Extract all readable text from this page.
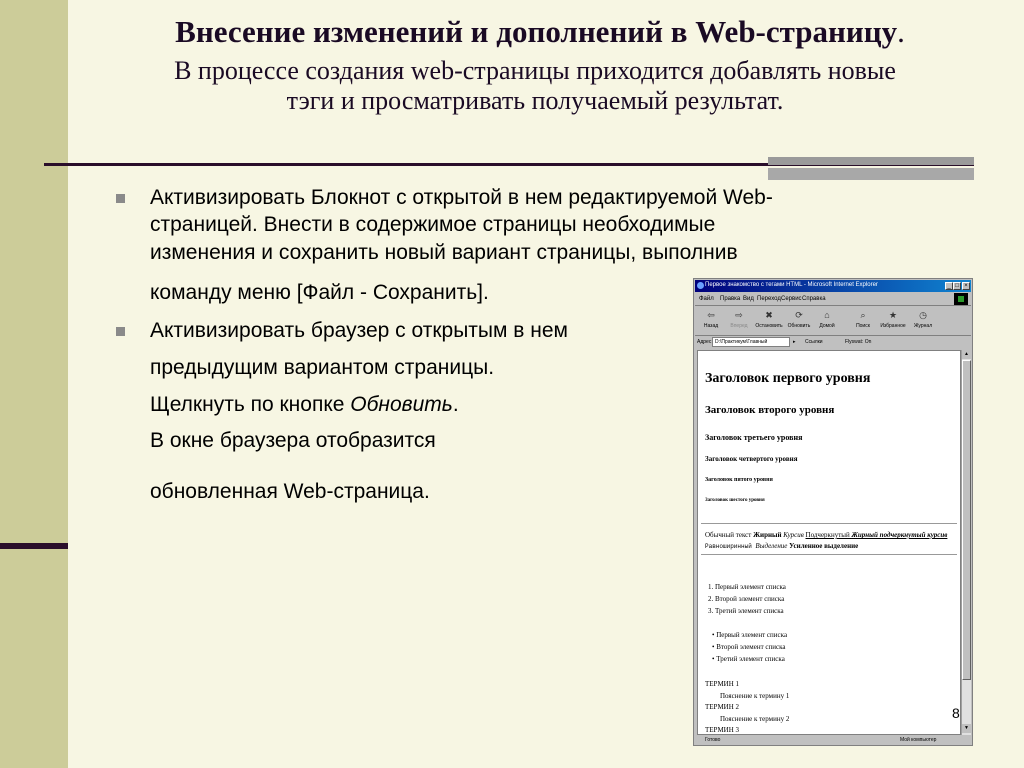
Внесение изменений и дополнений в Web-страницу.
В процессе создания web-страницы приходится добавлять новые
тэги и просматривать получаемый результат.
Активизировать Блокнот с открытой в нем редактируемой Web-
страницей. Внести в содержимое страницы необходимые
изменения и сохранить новый вариант страницы, выполнив
команду меню [Файл - Сохранить].
Активизировать браузер с открытым в нем
предыдущим вариантом страницы.
Щелкнуть по кнопке Обновить.
В окне браузера отобразится
обновленная Web-страница.
Первое знакомство с тегами HTML - Microsoft Internet Explorer	_ □ ×
Файл Правка Вид Переход Сервис Справка
⇦
Назад
⇨
Вперед
✖
Остановить
⟳
Обновить
⌂
Домой
⌕
Поиск
★
Избранное
◷
Журнал
Адрес D:\Практикум\Главный	▸ Ссылки	Flyswat: On
Заголовок первого уровня
Заголовок второго уровня
Заголовок третьего уровня
Заголовок четвертого уровня
Заголовок пятого уровня
Заголовок шестого уровня
Обычный текст Жирный Курсив Подчеркнутый Жирный подчеркнутый курсив
Равноширинный Выделение Усиленное выделение
1. Первый элемент списка
2. Второй элемент списка
3. Третий элемент списка
• Первый элемент списка
• Второй элемент списка
• Третий элемент списка
ТЕРМИН 1
Пояснение к термину 1
ТЕРМИН 2
Пояснение к термину 2
ТЕРМИН 3
▲
▼
Готово	Мой компьютер
8
